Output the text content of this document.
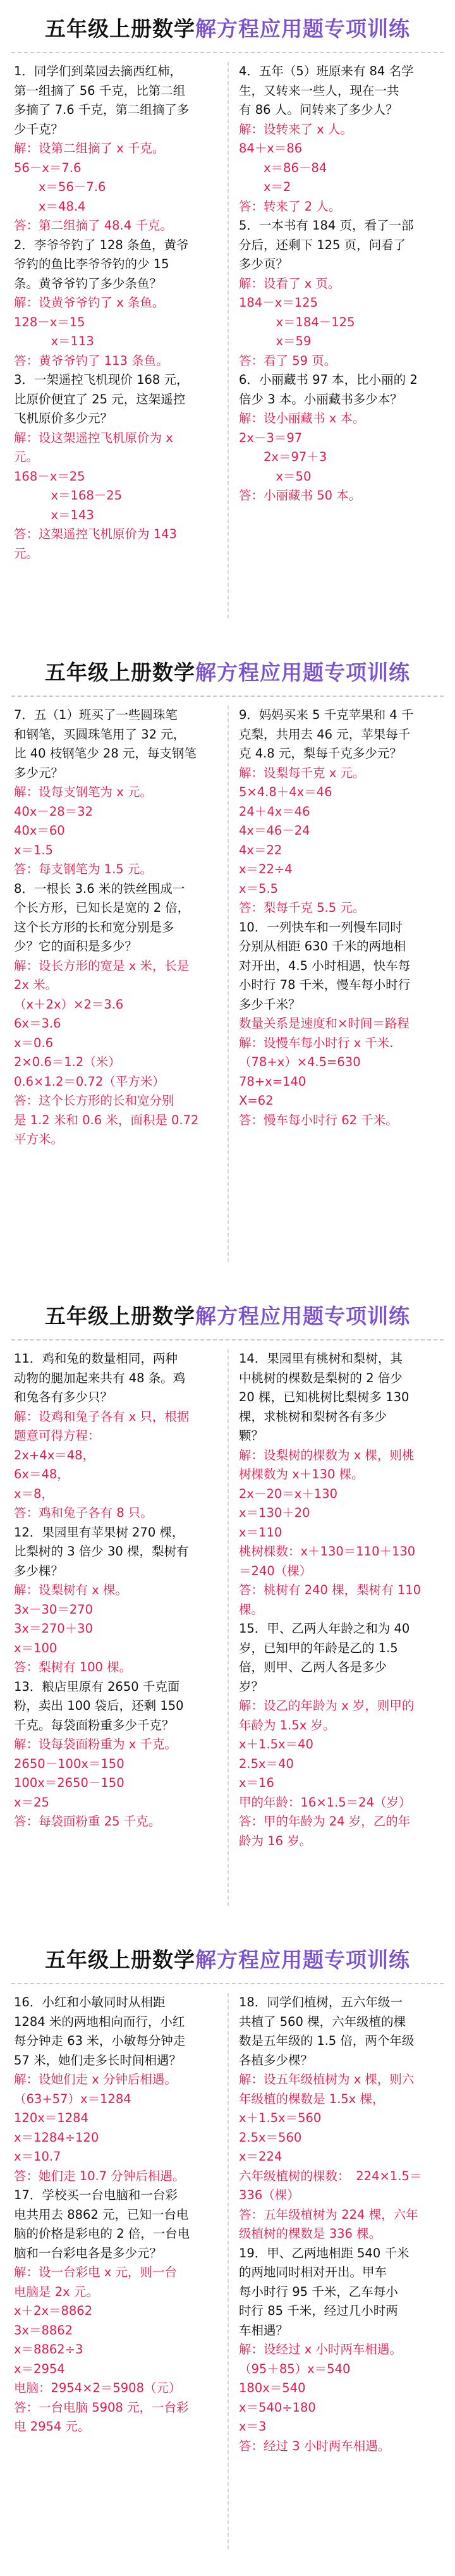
五年级上册数学解方程应用题专项训练
1．同学们到菜园去摘西红柿，
第一组摘了 56 千克，比第二组
多摘了 7.6 千克，第二组摘了多
少千克？
解：设第二组摘了 x 千克。
56－x＝7.6
　　x＝56－7.6
　　x＝48.4
答：第二组摘了 48.4 千克。
2．李爷爷钓了 128 条鱼，黄爷
爷钓的鱼比李爷爷钓的少 15
条。黄爷爷钓了多少条鱼？
解：设黄爷爷钓了 x 条鱼。
128－x＝15
　　　x＝113
答：黄爷爷钓了 113 条鱼。
3．一架遥控飞机现价 168 元，
比原价便宜了 25 元，这架遥控
飞机原价多少元？
解：设这架遥控飞机原价为 x
元。
168－x＝25
　　　x＝168－25
　　　x＝143
答：这架遥控飞机原价为 143
元。
4．五年（5）班原来有 84 名学
生，又转来一些人，现在一共
有 86 人。问转来了多少人？
解：设转来了 x 人。
84＋x＝86
　　x＝86－84
　　x＝2
答：转来了 2 人。
5．一本书有 184 页，看了一部
分后，还剩下 125 页，问看了
多少页？
解：设看了 x 页。
184－x＝125
　　　x＝184－125
　　　x＝59
答：看了 59 页。
6．小丽藏书 97 本，比小丽的 2
倍少 3 本。小丽藏书多少本？
解：设小丽藏书 x 本。
2x－3＝97
　　2x＝97＋3
　　　x＝50
答：小丽藏书 50 本。
五年级上册数学解方程应用题专项训练
7．五（1）班买了一些圆珠笔
和钢笔，买圆珠笔用了 32 元，
比 40 枝钢笔少 28 元，每支钢笔
多少元？
解：设每支钢笔为 x 元。
40x－28＝32
40x＝60
x＝1.5
答：每支钢笔为 1.5 元。
8．一根长 3.6 米的铁丝围成一
个长方形，已知长是宽的 2 倍，
这个长方形的长和宽分别是多
少？它的面积是多少？
解：设长方形的宽是 x 米，长是
2x 米。
（x＋2x）×2＝3.6
6x＝3.6
x＝0.6
2×0.6＝1.2（米）
0.6×1.2＝0.72（平方米）
答：这个长方形的长和宽分别
是 1.2 米和 0.6 米，面积是 0.72
平方米。
9．妈妈买来 5 千克苹果和 4 千
克梨，共用去 46 元，苹果每千
克 4.8 元，梨每千克多少元？
解：设梨每千克 x 元。
5×4.8＋4x＝46
24＋4x＝46
4x＝46－24
4x＝22
x＝22÷4
x＝5.5
答：梨每千克 5.5 元。
10．一列快车和一列慢车同时
分别从相距 630 千米的两地相
对开出，4.5 小时相遇，快车每
小时行 78 千米，慢车每小时行
多少千米？
数量关系是速度和×时间＝路程
解：设慢车每小时行 x 千米.
（78+x）×4.5=630
78+x=140
X=62
答：慢车每小时行 62 千米。
五年级上册数学解方程应用题专项训练
11．鸡和兔的数量相同，两种
动物的腿加起来共有 48 条。鸡
和兔各有多少只？
解：设鸡和兔子各有 x 只，根据
题意可得方程：
2x+4x＝48，
6x＝48，
x＝8，
答：鸡和兔子各有 8 只。
12．果园里有苹果树 270 棵，
比梨树的 3 倍少 30 棵，梨树有
多少棵？
解：设梨树有 x 棵。
3x－30＝270
3x＝270＋30
x＝100
答：梨树有 100 棵。
13．粮店里原有 2650 千克面
粉，卖出 100 袋后，还剩 150
千克。每袋面粉重多少千克？
解：设每袋面粉重为 x 千克。
2650－100x＝150
100x＝2650－150
x＝25
答：每袋面粉重 25 千克。
14．果园里有桃树和梨树，其
中桃树的棵数是梨树的 2 倍少
20 棵，已知桃树比梨树多 130
棵，求桃树和梨树各有多少
颗？
解：设梨树的棵数为 x 棵，则桃
树棵数为 x＋130 棵。
2x－20＝x＋130
x＝130＋20
x＝110
桃树棵数：x＋130＝110＋130
＝240（棵）
答：桃树有 240 棵，梨树有 110
棵。
15．甲、乙两人年龄之和为 40
岁，已知甲的年龄是乙的 1.5
倍，则甲、乙两人各是多少
岁？
解：设乙的年龄为 x 岁，则甲的
年龄为 1.5x 岁。
x＋1.5x＝40
2.5x＝40
x＝16
甲的年龄：16×1.5＝24（岁）
答：甲的年龄为 24 岁，乙的年
龄为 16 岁。
五年级上册数学解方程应用题专项训练
16．小红和小敏同时从相距
1284 米的两地相向而行，小红
每分钟走 63 米，小敏每分钟走
57 米，她们走多长时间相遇？
解：设她们走 x 分钟后相遇。
（63+57）x＝1284
120x＝1284
x＝1284÷120
x＝10.7
答：她们走 10.7 分钟后相遇。
17．学校买一台电脑和一台彩
电共用去 8862 元，已知一台电
脑的价格是彩电的 2 倍，一台电
脑和一台彩电各是多少元？
解：设一台彩电 x 元，则一台
电脑是 2x 元。
x＋2x＝8862
3x＝8862
x＝8862÷3
x＝2954
电脑：2954×2＝5908（元）
答：一台电脑 5908 元，一台彩
电 2954 元。
18．同学们植树，五六年级一
共植了 560 棵，六年级植的棵
数是五年级的 1.5 倍，两个年级
各植多少棵？
解：设五年级植树为 x 棵，则六
年级植的棵数是 1.5x 棵，
x＋1.5x＝560
2.5x＝560
x＝224
六年级植树的棵数：　224×1.5＝
336（棵）
答：五年级植树为 224 棵，六年
级植树的棵数是 336 棵。
19．甲、乙两地相距 540 千米
的两地同时相对开出。甲车
每小时行 95 千米，乙车每小
时行 85 千米，经过几小时两
车相遇？
解：设经过 x 小时两车相遇。
（95＋85）x＝540
180x＝540
x＝540÷180
x＝3
答：经过 3 小时两车相遇。
